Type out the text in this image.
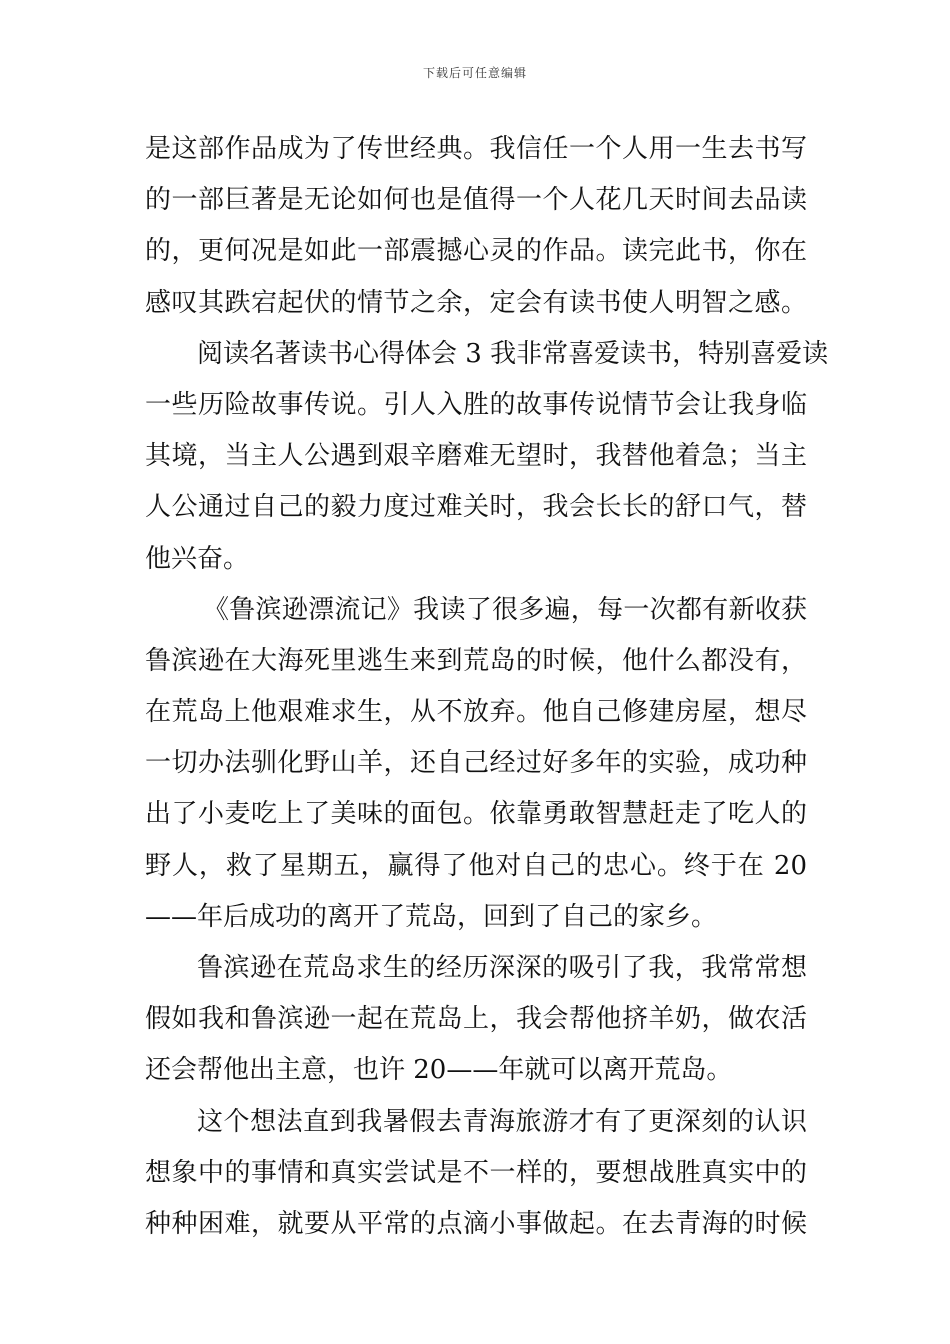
下载后可任意编辑
是这部作品成为了传世经典。我信任一个人用一生去书写
的一部巨著是无论如何也是值得一个人花几天时间去品读
的，更何况是如此一部震撼心灵的作品。读完此书，你在
感叹其跌宕起伏的情节之余，定会有读书使人明智之感。
阅读名著读书心得体会 3 我非常喜爱读书，特别喜爱读
一些历险故事传说。引人入胜的故事传说情节会让我身临
其境，当主人公遇到艰辛磨难无望时，我替他着急；当主
人公通过自己的毅力度过难关时，我会长长的舒口气，替
他兴奋。
《鲁滨逊漂流记》我读了很多遍，每一次都有新收获
鲁滨逊在大海死里逃生来到荒岛的时候，他什么都没有，
在荒岛上他艰难求生，从不放弃。他自己修建房屋，想尽
一切办法驯化野山羊，还自己经过好多年的实验，成功种
出了小麦吃上了美味的面包。依靠勇敢智慧赶走了吃人的
野人，救了星期五，赢得了他对自己的忠心。终于在 20
——年后成功的离开了荒岛，回到了自己的家乡。
鲁滨逊在荒岛求生的经历深深的吸引了我，我常常想
假如我和鲁滨逊一起在荒岛上，我会帮他挤羊奶，做农活
还会帮他出主意，也许 20——年就可以离开荒岛。
这个想法直到我暑假去青海旅游才有了更深刻的认识
想象中的事情和真实尝试是不一样的，要想战胜真实中的
种种困难，就要从平常的点滴小事做起。在去青海的时候
